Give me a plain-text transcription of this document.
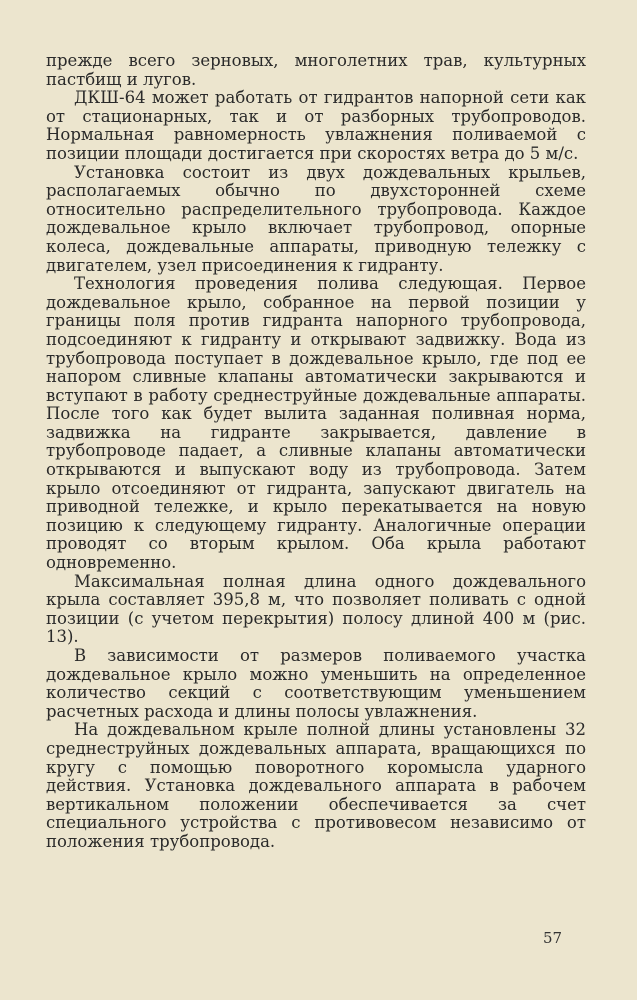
прежде всего зерновых, многолетних трав, культурных пастбищ и лугов.

ДКШ-64 может работать от гидрантов напорной сети как от стационарных, так и от разборных трубопроводов. Нормальная равномерность увлажнения поливаемой с позиции площади достигается при скоростях ветра до 5 м/с.

Установка состоит из двух дождевальных крыльев, располагаемых обычно по двухсторонней схеме относительно распределительного трубопровода. Каждое дождевальное крыло включает трубопровод, опорные колеса, дождевальные аппараты, приводную тележку с двигателем, узел присоединения к гидранту.

Технология проведения полива следующая. Первое дождевальное крыло, собранное на первой позиции у границы поля против гидранта напорного трубопровода, подсоединяют к гидранту и открывают задвижку. Вода из трубопровода поступает в дождевальное крыло, где под ее напором сливные клапаны автоматически закрываются и вступают в работу среднеструйные дождевальные аппараты. После того как будет вылита заданная поливная норма, задвижка на гидранте закрывается, давление в трубопроводе падает, а сливные клапаны автоматически открываются и выпускают воду из трубопровода. Затем крыло отсоединяют от гидранта, запускают двигатель на приводной тележке, и крыло перекатывается на новую позицию к следующему гидранту. Аналогичные операции проводят со вторым крылом. Оба крыла работают одновременно.

Максимальная полная длина одного дождевального крыла составляет 395,8 м, что позволяет поливать с одной позиции (с учетом перекрытия) полосу длиной 400 м (рис. 13).

В зависимости от размеров поливаемого участка дождевальное крыло можно уменьшить на определенное количество секций с соответствующим уменьшением расчетных расхода и длины полосы увлажнения.

На дождевальном крыле полной длины установлены 32 среднеструйных дождевальных аппарата, вращающихся по кругу с помощью поворотного коромысла ударного действия. Установка дождевального аппарата в рабочем вертикальном положении обеспечивается за счет специального устройства с противовесом независимо от положения трубопровода.

57
